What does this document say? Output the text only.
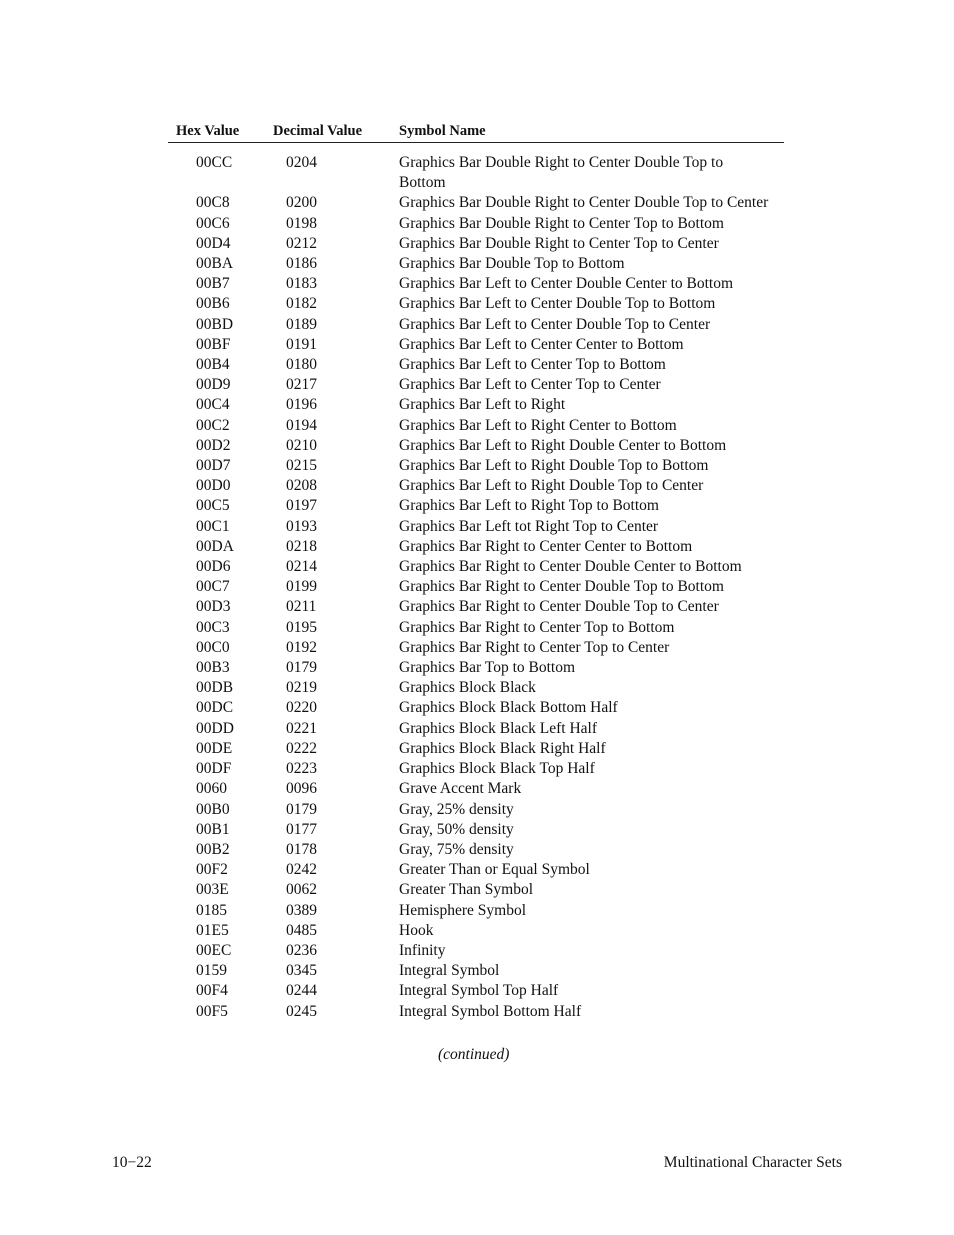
Hex Value Decimal Value	Symbol Name
00CC	0204	Graphics Bar Double Right to Center Double Top to Bottom
00C8	0200	Graphics Bar Double Right to Center Double Top to Center
00C6	0198	Graphics Bar Double Right to Center Top to Bottom
00D4	0212	Graphics Bar Double Right to Center Top to Center
00BA	0186	Graphics Bar Double Top to Bottom
00B7	0183	Graphics Bar Left to Center Double Center to Bottom
00B6	0182	Graphics Bar Left to Center Double Top to Bottom
00BD	0189	Graphics Bar Left to Center Double Top to Center
00BF	0191	Graphics Bar Left to Center Center to Bottom
00B4	0180	Graphics Bar Left to Center Top to Bottom
00D9	0217	Graphics Bar Left to Center Top to Center
00C4	0196	Graphics Bar Left to Right
00C2	0194	Graphics Bar Left to Right Center to Bottom
00D2	0210	Graphics Bar Left to Right Double Center to Bottom
00D7	0215	Graphics Bar Left to Right Double Top to Bottom
00D0	0208	Graphics Bar Left to Right Double Top to Center
00C5	0197	Graphics Bar Left to Right Top to Bottom
00C1	0193	Graphics Bar Left tot Right Top to Center
00DA	0218	Graphics Bar Right to Center Center to Bottom
00D6	0214	Graphics Bar Right to Center Double Center to Bottom
00C7	0199	Graphics Bar Right to Center Double Top to Bottom
00D3	0211	Graphics Bar Right to Center Double Top to Center
00C3	0195	Graphics Bar Right to Center Top to Bottom
00C0	0192	Graphics Bar Right to Center Top to Center
00B3	0179	Graphics Bar Top to Bottom
00DB	0219	Graphics Block Black
00DC	0220	Graphics Block Black Bottom Half
00DD	0221	Graphics Block Black Left Half
00DE	0222	Graphics Block Black Right Half
00DF	0223	Graphics Block Black Top Half
0060	0096	Grave Accent Mark
00B0	0179	Gray, 25% density
00B1	0177	Gray, 50% density
00B2	0178	Gray, 75% density
00F2	0242	Greater Than or Equal Symbol
003E	0062	Greater Than Symbol
0185	0389	Hemisphere Symbol
01E5	0485	Hook
00EC	0236	Infinity
0159	0345	Integral Symbol
00F4	0244	Integral Symbol Top Half
00F5	0245	Integral Symbol Bottom Half
(continued)
10−22	Multinational Character Sets
